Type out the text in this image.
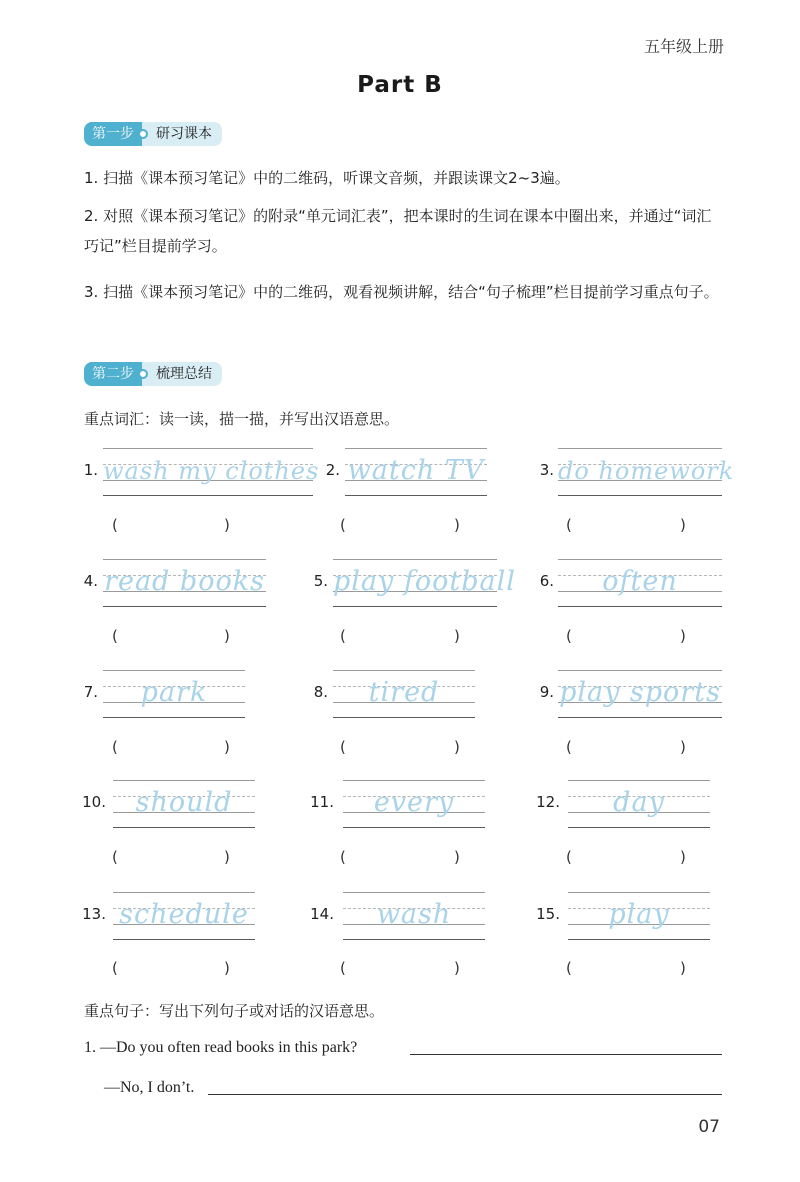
五年级上册
Part B
第一步	研习课本
1. 扫描《课本预习笔记》中的二维码，听课文音频，并跟读课文2~3遍。
2. 对照《课本预习笔记》的附录“单元词汇表”，把本课时的生词在课本中圈出来，并通过“词汇巧记”栏目提前学习。
3. 扫描《课本预习笔记》中的二维码，观看视频讲解，结合“句子梳理”栏目提前学习重点句子。
第二步	梳理总结
重点词汇：读一读，描一描，并写出汉语意思。
1. wash my clothes
(	)
2. watch TV
(	)
3. do homework
(	)
4. read books
(	)
5. play football
(	)
6.	often
(	)
7.	park
(	)
8.	tired
(	)
9. play sports
(	)
10.	should
(	)
11.	every
(	)
12.	day
(	)
13. schedule
(	)
14.	wash
(	)
15.	play
(	)
重点句子：写出下列句子或对话的汉语意思。
1. —Do you often read books in this park?
—No, I don’t.
07
